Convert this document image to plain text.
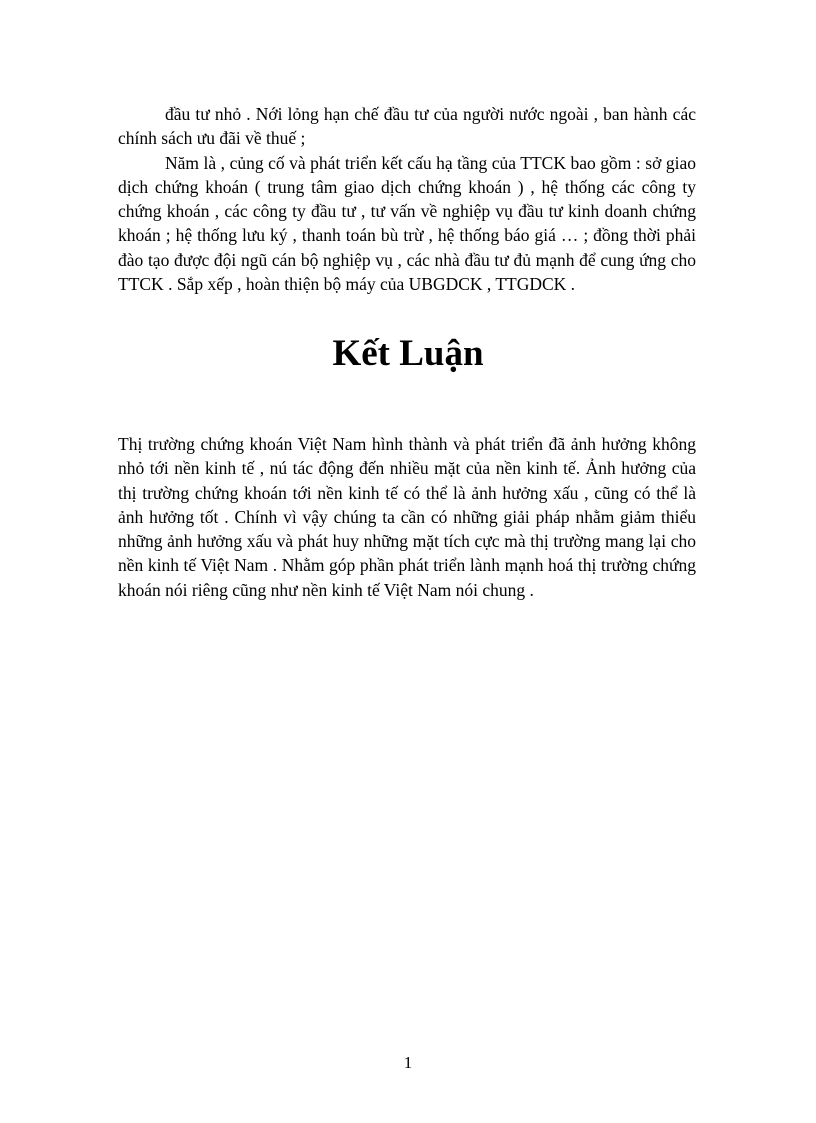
đầu tư nhỏ . Nới lỏng hạn chế đầu tư của người nước ngoài , ban hành các chính sách ưu đãi về thuế ;

Năm là , củng cố và phát triển kết cấu hạ tầng của TTCK bao gồm : sở giao dịch chứng khoán ( trung tâm giao dịch chứng khoán ) , hệ thống các công ty chứng khoán , các công ty đầu tư , tư vấn về nghiệp vụ đầu tư kinh doanh chứng khoán ; hệ thống lưu ký , thanh toán bù trừ , hệ thống báo giá … ; đồng thời phải đào tạo được đội ngũ cán bộ nghiệp vụ , các nhà đầu tư đủ mạnh để cung ứng cho TTCK . Sắp xếp , hoàn thiện bộ máy của UBGDCK , TTGDCK .

Kết Luận

Thị trường chứng khoán Việt Nam hình thành và phát triển đã ảnh hưởng không nhỏ tới nền kinh tế , nú tác động đến nhiều mặt của nền kinh tế. Ảnh hưởng của thị trường chứng khoán tới nền kinh tế có thể là ảnh hưởng xấu , cũng có thể là ảnh hưởng tốt . Chính vì vậy chúng ta cần có những giải pháp nhằm giảm thiểu những ảnh hưởng xấu và phát huy những mặt tích cực mà thị trường mang lại cho nền kinh tế Việt Nam . Nhằm góp phần phát triển lành mạnh hoá thị trường chứng khoán nói riêng cũng như nền kinh tế Việt Nam nói chung .

1
